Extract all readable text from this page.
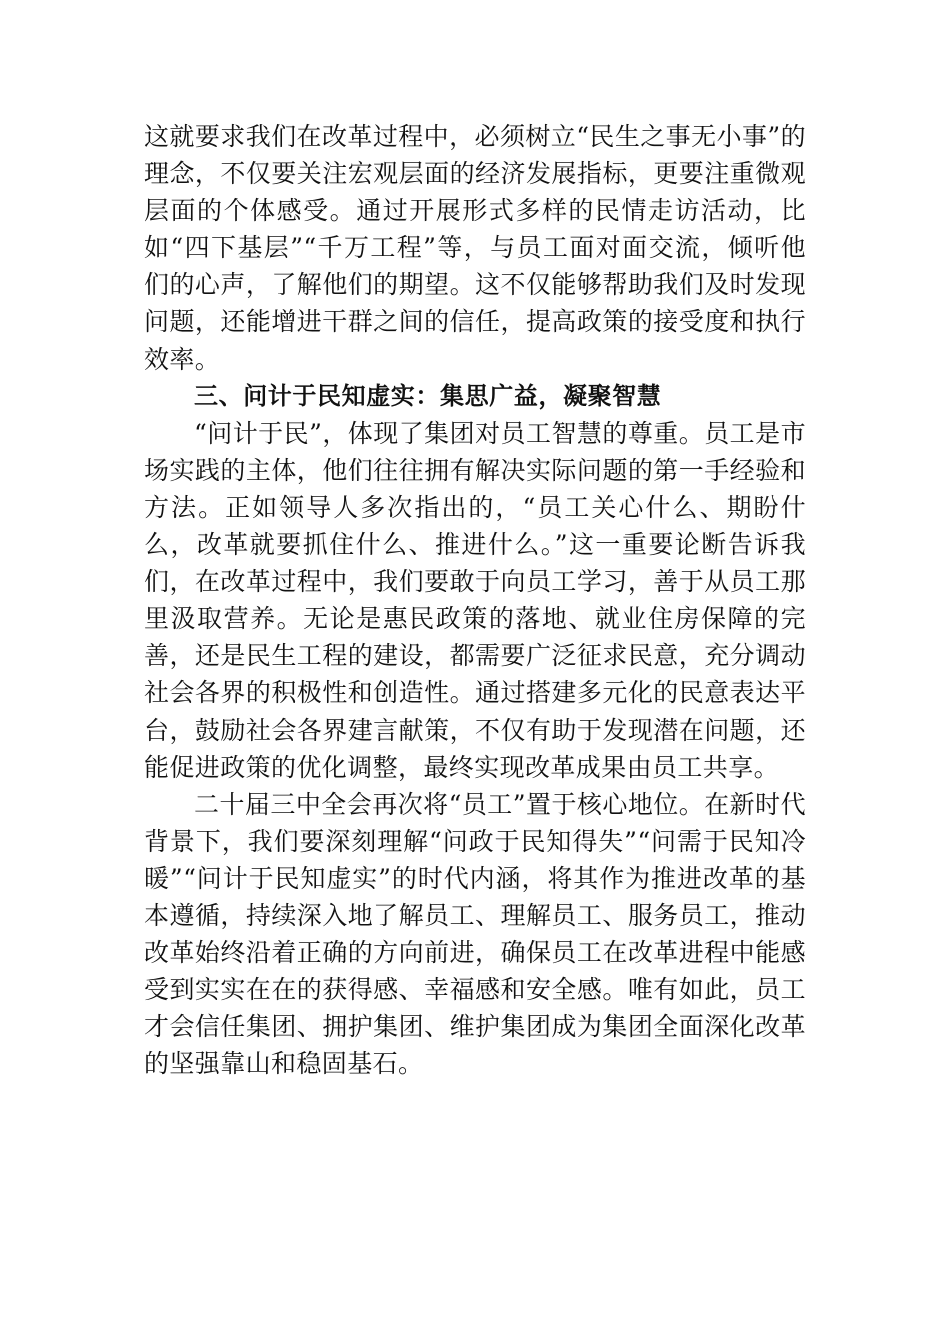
这就要求我们在改革过程中，必须树立“民生之事无小事”的理念，不仅要关注宏观层面的经济发展指标，更要注重微观层面的个体感受。通过开展形式多样的民情走访活动，比如“四下基层”“千万工程”等，与员工面对面交流，倾听他们的心声，了解他们的期望。这不仅能够帮助我们及时发现问题，还能增进干群之间的信任，提高政策的接受度和执行效率。

三、问计于民知虚实：集思广益，凝聚智慧

“问计于民”，体现了集团对员工智慧的尊重。员工是市场实践的主体，他们往往拥有解决实际问题的第一手经验和方法。正如领导人多次指出的，“员工关心什么、期盼什么，改革就要抓住什么、推进什么。”这一重要论断告诉我们，在改革过程中，我们要敢于向员工学习，善于从员工那里汲取营养。无论是惠民政策的落地、就业住房保障的完善，还是民生工程的建设，都需要广泛征求民意，充分调动社会各界的积极性和创造性。通过搭建多元化的民意表达平台，鼓励社会各界建言献策，不仅有助于发现潜在问题，还能促进政策的优化调整，最终实现改革成果由员工共享。

二十届三中全会再次将“员工”置于核心地位。在新时代背景下，我们要深刻理解“问政于民知得失”“问需于民知冷暖”“问计于民知虚实”的时代内涵，将其作为推进改革的基本遵循，持续深入地了解员工、理解员工、服务员工，推动改革始终沿着正确的方向前进，确保员工在改革进程中能感受到实实在在的获得感、幸福感和安全感。唯有如此，员工才会信任集团、拥护集团、维护集团成为集团全面深化改革的坚强靠山和稳固基石。
